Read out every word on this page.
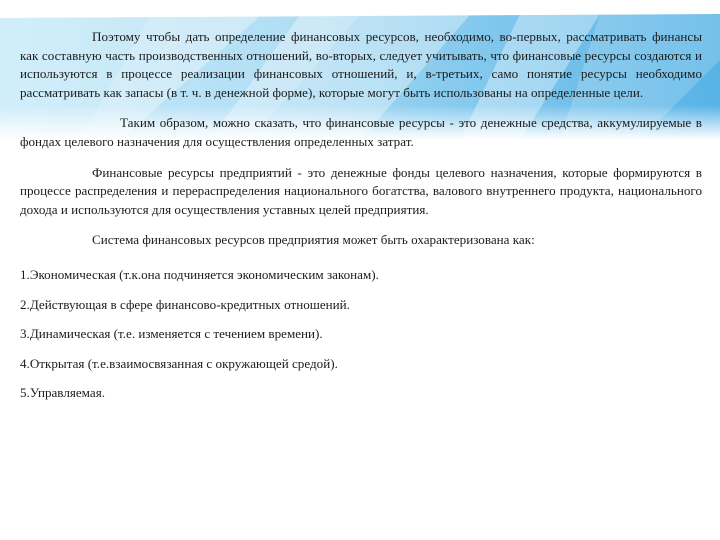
Поэтому чтобы дать определение финансовых ресурсов, необходимо, во-первых, рассматривать финансы как составную часть производственных отношений, во-вторых, следует учитывать, что финансовые ресурсы создаются и используются в процессе реализации финансовых отношений, и, в-третьих, само понятие ресурсы необходимо рассматривать как запасы (в т. ч. в денежной форме), которые могут быть использованы на определенные цели.

Таким образом, можно сказать, что финансовые ресурсы - это денежные средства, аккумулируемые в фондах целевого назначения для осуществления определенных затрат.

Финансовые ресурсы предприятий - это денежные фонды целевого назначения, которые формируются в процессе распределения и перераспределения национального богатства, валового внутреннего продукта, национального дохода и используются для осуществления уставных целей предприятия.

Система финансовых ресурсов предприятия может быть охарактеризована как:

1.Экономическая (т.к.она подчиняется экономическим законам).
2.Действующая в сфере финансово-кредитных отношений.
3.Динамическая (т.е. изменяется с течением времени).
4.Открытая (т.е.взаимосвязанная с окружающей средой).
5.Управляемая.
